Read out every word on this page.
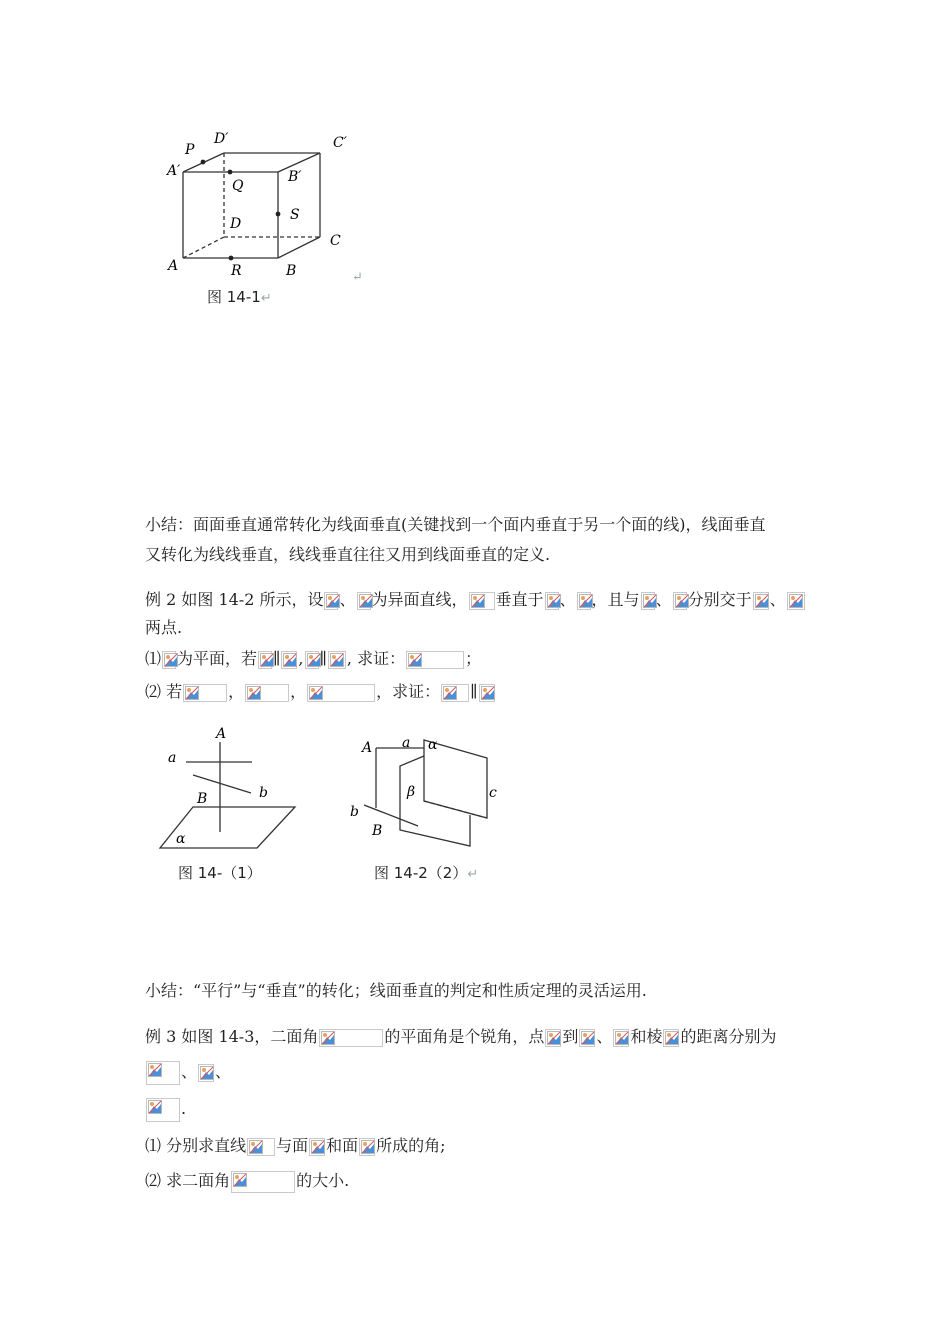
D′	C′
P
A′
Q
B′
D
S
C
A	R	B
图 14-1↵
↵
小结：面面垂直通常转化为线面垂直(关键找到一个面内垂直于另一个面的线)，线面垂直
又转化为线线垂直，线线垂直往往又用到线面垂直的定义.
例 2 如图 14-2 所示，设 、 为异面直线， 垂直于 、 ，且与 、 分别交于 、
两点.
⑴ 为平面，若 ∥ , ∥ , 求证：	；
⑵ 若	，	，	，求证： ∥
A
a
b
B
α
图 14-（1）
A a α
β	c
b
B
图 14-2（2）↵
小结：“平行”与“垂直”的转化；线面垂直的判定和性质定理的灵活运用.
例 3 如图 14-3，二面角	的平面角是个锐角，点 到 、 和棱 的距离分别为
、 、
.
⑴ 分别求直线 与面 和面 所成的角;
⑵ 求二面角	的大小.
